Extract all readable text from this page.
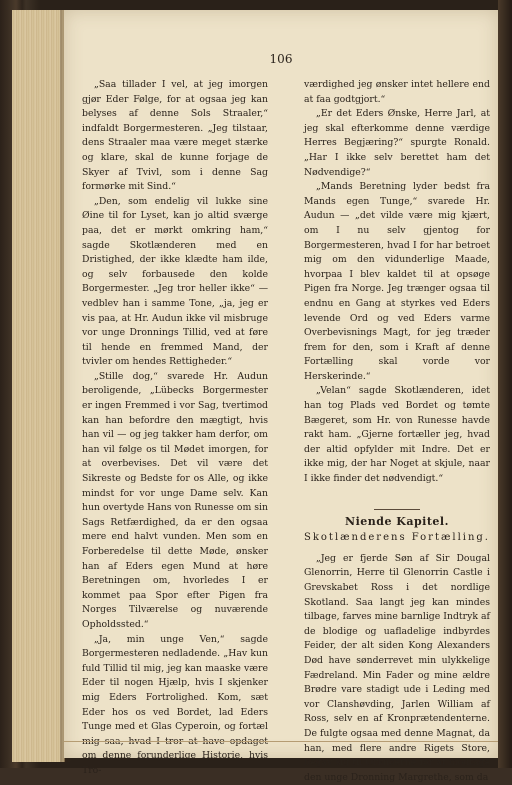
106

„Saa tillader I vel, at jeg imorgen gjør Eder Følge, for at ogsaa jeg kan belyses af denne Sols Straaler,“ indfaldt Borgermesteren. „Jeg tilstaar, dens Straaler maa være meget stærke og klare, skal de kunne forjage de Skyer af Tvivl, som i denne Sag formørke mit Sind.“

„Den, som endelig vil lukke sine Øine til for Lyset, kan jo altid sværge paa, det er mørkt omkring ham,“ sagde Skotlænderen med en Dristighed, der ikke klædte ham ilde, og selv forbausede den kolde Borgermester. „Jeg tror heller ikke“ — vedblev han i samme Tone, „ja, jeg er vis paa, at Hr. Audun ikke vil misbruge vor unge Dronnings Tillid, ved at føre til hende en fremmed Mand, der tvivler om hendes Rettigheder.“

„Stille dog,“ svarede Hr. Audun beroligende, „Lübecks Borgermester er ingen Fremmed i vor Sag, tvertimod kan han befordre den mægtigt, hvis han vil — og jeg takker ham derfor, om han vil følge os til Mødet imorgen, for at overbevises. Det vil være det Sikreste og Bedste for os Alle, og ikke mindst for vor unge Dame selv. Kan hun overtyde Hans von Runesse om sin Sags Retfærdighed, da er den ogsaa mere end halvt vunden. Men som en Forberedelse til dette Møde, ønsker han af Eders egen Mund at høre Beretningen om, hvorledes I er kommet paa Spor efter Pigen fra Norges Tilværelse og nuværende Opholdssted.“

„Ja, min unge Ven,“ sagde Borgermesteren nedladende. „Hav kun fuld Tillid til mig, jeg kan maaske være Eder til nogen Hjælp, hvis I skjenker mig Eders Fortrolighed. Kom, sæt Eder hos os ved Bordet, lad Eders Tunge med et Glas Cyperoin, og fortæl mig saa, hvad I tror at have opdaget om denne forunderlige Historie, hvis Tro-

værdighed jeg ønsker intet hellere end at faa godtgjort.“

„Er det Eders Ønske, Herre Jarl, at jeg skal efterkomme denne værdige Herres Begjæring?“ spurgte Ronald. „Har I ikke selv berettet ham det Nødvendige?“

„Mands Beretning lyder bedst fra Mands egen Tunge,“ svarede Hr. Audun — „det vilde være mig kjært, om I nu selv gjentog for Borgermesteren, hvad I for har betroet mig om den vidunderlige Maade, hvorpaa I blev kaldet til at opsøge Pigen fra Norge. Jeg trænger ogsaa til endnu en Gang at styrkes ved Eders levende Ord og ved Eders varme Overbevisnings Magt, for jeg træder frem for den, som i Kraft af denne Fortælling skal vorde vor Herskerinde.“

„Velan“ sagde Skotlænderen, idet han tog Plads ved Bordet og tømte Bægeret, som Hr. von Runesse havde rakt ham. „Gjerne fortæller jeg, hvad der altid opfylder mit Indre. Det er ikke mig, der har Noget at skjule, naar I ikke finder det nødvendigt.“

Niende Kapitel.
Skotlænderens Fortælling.

„Jeg er fjerde Søn af Sir Dougal Glenorrin, Herre til Glenorrin Castle i Grevskabet Ross i det nordlige Skotland. Saa langt jeg kan mindes tilbage, farves mine barnlige Indtryk af de blodige og uafladelige indbyrdes Feider, der alt siden Kong Alexanders Død have sønderrevet min ulykkelige Fædreland. Min Fader og mine ældre Brødre vare stadigt ude i Leding med vor Clanshøvding, Jarlen William af Ross, selv en af Kronprætendenterne. De fulgte ogsaa med denne Magnat, da han, med flere andre Rigets Store, begav sig til Orknøerne for at modtage den unge Dronning Margrethe, som da
